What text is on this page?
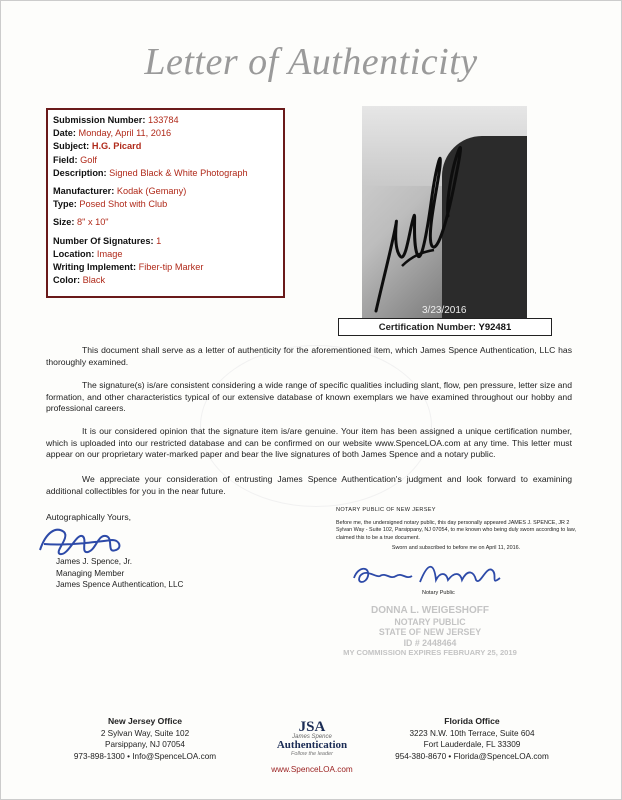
Letter of Authenticity
Submission Number: 133784
Date: Monday, April 11, 2016
Subject: H.G. Picard
Field: Golf
Description: Signed Black & White Photograph
Manufacturer: Kodak (Gemany)
Type: Posed Shot with Club
Size: 8" x 10"
Number Of Signatures: 1
Location: Image
Writing Implement: Fiber-tip Marker
Color: Black
3/23/2016
Certification Number: Y92481

This document shall serve as a letter of authenticity for the aforementioned item, which James Spence Authentication, LLC has thoroughly examined.

The signature(s) is/are consistent considering a wide range of specific qualities including slant, flow, pen pressure, letter size and formation, and other characteristics typical of our extensive database of known exemplars we have examined throughout our hobby and professional careers.

It is our considered opinion that the signature item is/are genuine. Your item has been assigned a unique certification number, which is uploaded into our restricted database and can be confirmed on our website www.SpenceLOA.com at any time. This letter must appear on our proprietary water-marked paper and bear the live signatures of both James Spence and a notary public.

We appreciate your consideration of entrusting James Spence Authentication's judgment and look forward to examining additional collectibles for you in the near future.

Autographically Yours,
James J. Spence, Jr.
Managing Member
James Spence Authentication, LLC
NOTARY PUBLIC OF NEW JERSEY
Before me, the undersigned notary public, this day personally appeared JAMES J. SPENCE, JR 2 Sylvan Way - Suite 102, Parsippany, NJ 07054, to me known who being duly sworn according to law, claimed this to be a true document.
Sworn and subscribed to before me on April 11, 2016.
Notary Public
DONNA L. WEIGESHOFF
NOTARY PUBLIC
STATE OF NEW JERSEY
ID # 2448464
MY COMMISSION EXPIRES FEBRUARY 25, 2019
New Jersey Office
2 Sylvan Way, Suite 102
Parsippany, NJ 07054
973-898-1300 • Info@SpenceLOA.com
JSA
James Spence
Authentication
Follow the leader
www.SpenceLOA.com
Florida Office
3223 N.W. 10th Terrace, Suite 604
Fort Lauderdale, FL 33309
954-380-8670 • Florida@SpenceLOA.com
